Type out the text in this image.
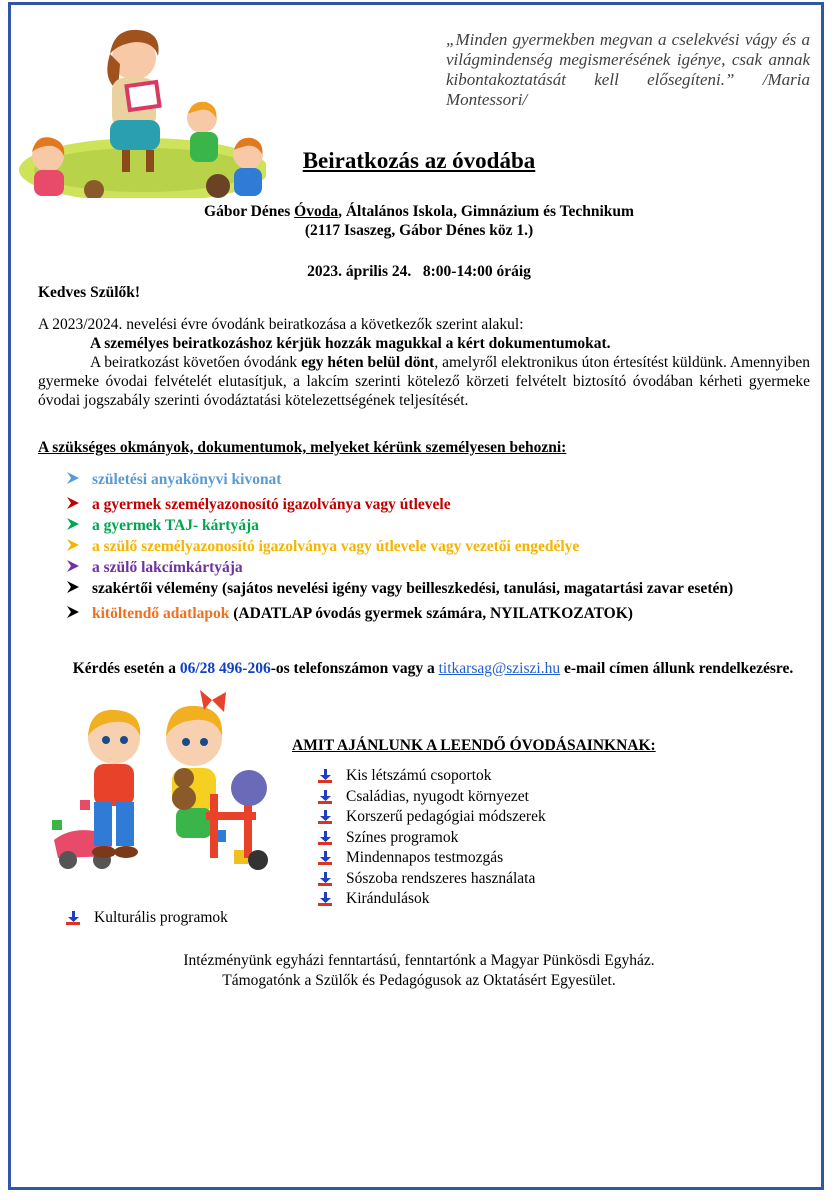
„Minden gyermekben megvan a cselekvési vágy és a világmindenség megismerésének igénye, csak annak kibontakoztatását kell elősegíteni.” /Maria Montessori/
Beiratkozás az óvodába
Gábor Dénes Óvoda, Általános Iskola, Gimnázium és Technikum
(2117 Isaszeg, Gábor Dénes köz 1.)
2023. április 24.   8:00-14:00 óráig
Kedves Szülők!

A 2023/2024. nevelési évre óvodánk beiratkozása a következők szerint alakul:

A személyes beiratkozáshoz kérjük hozzák magukkal a kért dokumentumokat.

A beiratkozást követően óvodánk egy héten belül dönt, amelyről elektronikus úton értesítést küldünk. Amennyiben gyermeke óvodai felvételét elutasítjuk, a lakcím szerinti kötelező körzeti felvételt biztosító óvodában kérheti gyermeke óvodai jogszabály szerinti óvodáztatási kötelezettségének teljesítését.

A szükséges okmányok, dokumentumok, melyeket kérünk személyesen behozni:
születési anyakönyvi kivonat
a gyermek személyazonosító igazolványa vagy útlevele
a gyermek TAJ- kártyája
a szülő személyazonosító igazolványa vagy útlevele vagy vezetői engedélye
a szülő lakcímkártyája
szakértői vélemény (sajátos nevelési igény vagy beilleszkedési, tanulási, magatartási zavar esetén)
kitöltendő adatlapok (ADATLAP óvodás gyermek számára, NYILATKOZATOK)
Kérdés esetén a 06/28 496-206-os telefonszámon vagy a titkarsag@sziszi.hu e-mail címen állunk rendelkezésre.
AMIT AJÁNLUNK A LEENDŐ ÓVODÁSAINKNAK:
Kis létszámú csoportok
Családias, nyugodt környezet
Korszerű pedagógiai módszerek
Színes programok
Mindennapos testmozgás
Sószoba rendszeres használata
Kirándulások
Kulturális programok
Intézményünk egyházi fenntartású, fenntartónk a Magyar Pünkösdi Egyház.
Támogatónk a Szülők és Pedagógusok az Oktatásért Egyesület.
